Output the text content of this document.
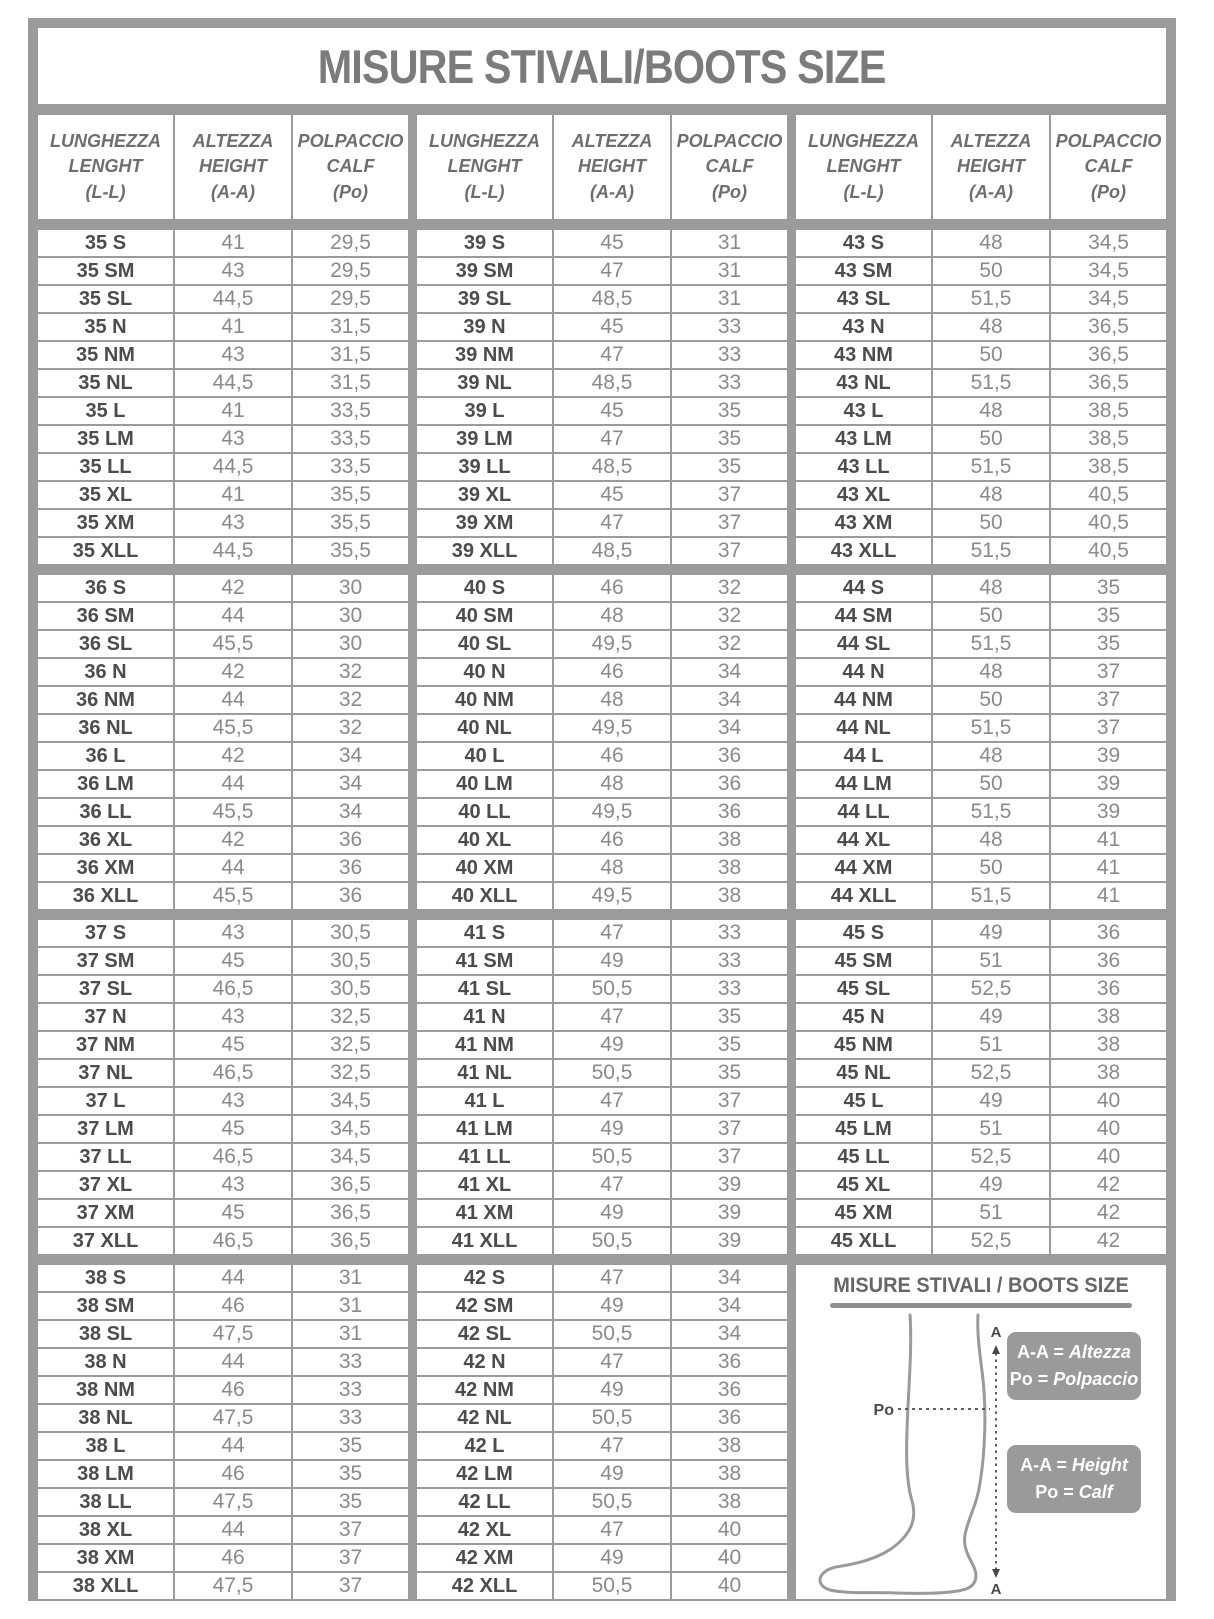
MISURE STIVALI/BOOTS SIZE
LUNGHEZZA
LENGHT
(L-L)
ALTEZZA
HEIGHT
(A-A)
POLPACCIO
CALF
(Po)
35 S	41	29,5
35 SM	43	29,5
35 SL	44,5	29,5
35 N	41	31,5
35 NM	43	31,5
35 NL	44,5	31,5
35 L	41	33,5
35 LM	43	33,5
35 LL	44,5	33,5
35 XL	41	35,5
35 XM	43	35,5
35 XLL	44,5	35,5
36 S	42	30
36 SM	44	30
36 SL	45,5	30
36 N	42	32
36 NM	44	32
36 NL	45,5	32
36 L	42	34
36 LM	44	34
36 LL	45,5	34
36 XL	42	36
36 XM	44	36
36 XLL	45,5	36
37 S	43	30,5
37 SM	45	30,5
37 SL	46,5	30,5
37 N	43	32,5
37 NM	45	32,5
37 NL	46,5	32,5
37 L	43	34,5
37 LM	45	34,5
37 LL	46,5	34,5
37 XL	43	36,5
37 XM	45	36,5
37 XLL	46,5	36,5
38 S	44	31
38 SM	46	31
38 SL	47,5	31
38 N	44	33
38 NM	46	33
38 NL	47,5	33
38 L	44	35
38 LM	46	35
38 LL	47,5	35
38 XL	44	37
38 XM	46	37
38 XLL	47,5	37
LUNGHEZZA
LENGHT
(L-L)
ALTEZZA
HEIGHT
(A-A)
POLPACCIO
CALF
(Po)
39 S	45	31
39 SM	47	31
39 SL	48,5	31
39 N	45	33
39 NM	47	33
39 NL	48,5	33
39 L	45	35
39 LM	47	35
39 LL	48,5	35
39 XL	45	37
39 XM	47	37
39 XLL	48,5	37
40 S	46	32
40 SM	48	32
40 SL	49,5	32
40 N	46	34
40 NM	48	34
40 NL	49,5	34
40 L	46	36
40 LM	48	36
40 LL	49,5	36
40 XL	46	38
40 XM	48	38
40 XLL	49,5	38
41 S	47	33
41 SM	49	33
41 SL	50,5	33
41 N	47	35
41 NM	49	35
41 NL	50,5	35
41 L	47	37
41 LM	49	37
41 LL	50,5	37
41 XL	47	39
41 XM	49	39
41 XLL	50,5	39
42 S	47	34
42 SM	49	34
42 SL	50,5	34
42 N	47	36
42 NM	49	36
42 NL	50,5	36
42 L	47	38
42 LM	49	38
42 LL	50,5	38
42 XL	47	40
42 XM	49	40
42 XLL	50,5	40
LUNGHEZZA
LENGHT
(L-L)
ALTEZZA
HEIGHT
(A-A)
POLPACCIO
CALF
(Po)
43 S	48	34,5
43 SM	50	34,5
43 SL	51,5	34,5
43 N	48	36,5
43 NM	50	36,5
43 NL	51,5	36,5
43 L	48	38,5
43 LM	50	38,5
43 LL	51,5	38,5
43 XL	48	40,5
43 XM	50	40,5
43 XLL	51,5	40,5
44 S	48	35
44 SM	50	35
44 SL	51,5	35
44 N	48	37
44 NM	50	37
44 NL	51,5	37
44 L	48	39
44 LM	50	39
44 LL	51,5	39
44 XL	48	41
44 XM	50	41
44 XLL	51,5	41
45 S	49	36
45 SM	51	36
45 SL	52,5	36
45 N	49	38
45 NM	51	38
45 NL	52,5	38
45 L	49	40
45 LM	51	40
45 LL	52,5	40
45 XL	49	42
45 XM	51	42
45 XLL	52,5	42
MISURE STIVALI / BOOTS SIZE
Po
A
A
A-A = Altezza
Po = Polpaccio
A-A = Height
Po = Calf
